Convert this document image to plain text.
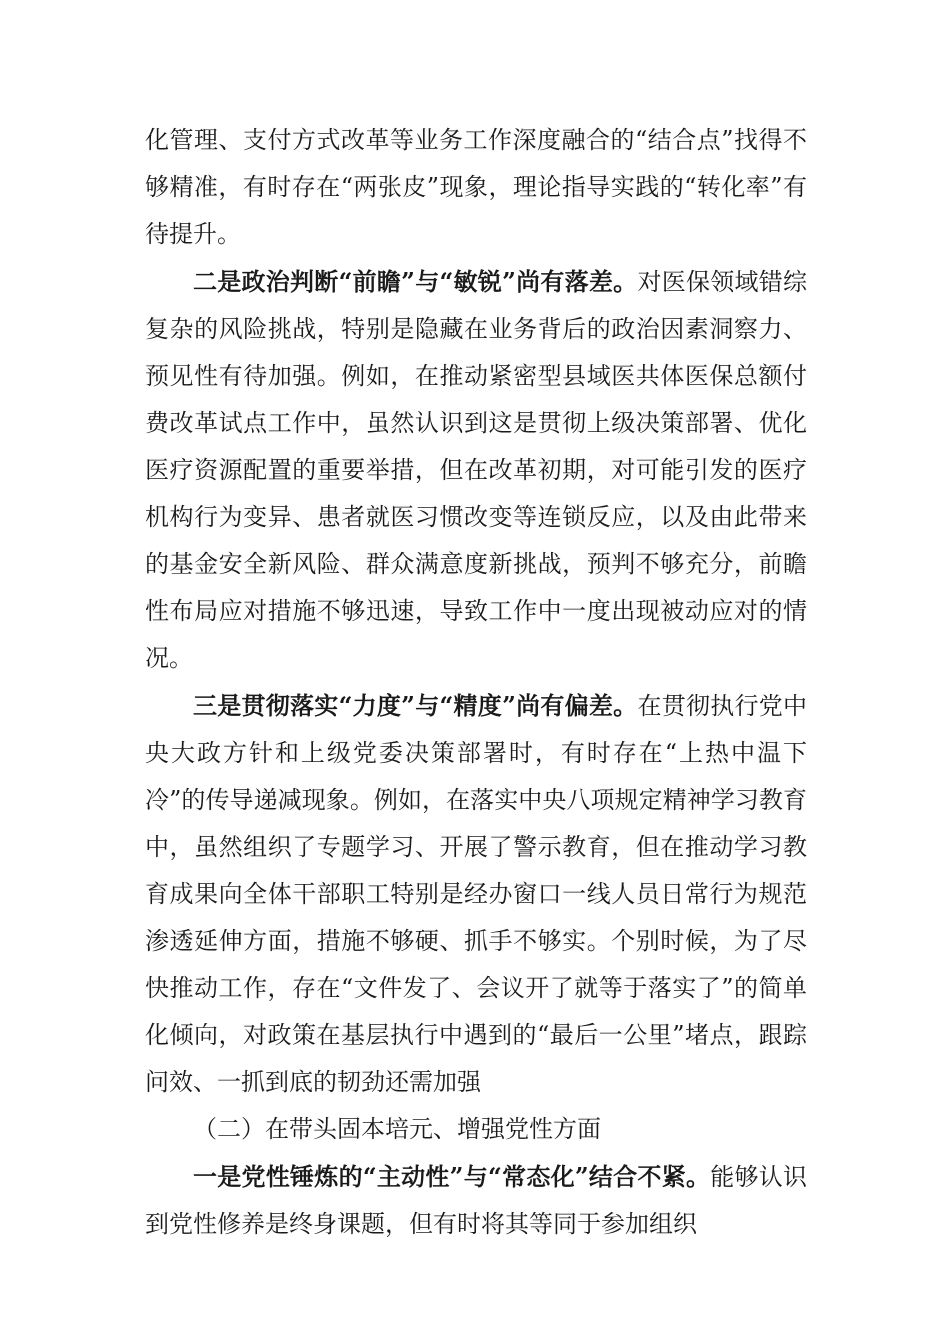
化管理、支付方式改革等业务工作深度融合的“结合点”找得不够精准，有时存在“两张皮”现象，理论指导实践的“转化率”有待提升。

二是政治判断“前瞻”与“敏锐”尚有落差。对医保领域错综复杂的风险挑战，特别是隐藏在业务背后的政治因素洞察力、预见性有待加强。例如，在推动紧密型县域医共体医保总额付费改革试点工作中，虽然认识到这是贯彻上级决策部署、优化医疗资源配置的重要举措，但在改革初期，对可能引发的医疗机构行为变异、患者就医习惯改变等连锁反应，以及由此带来的基金安全新风险、群众满意度新挑战，预判不够充分，前瞻性布局应对措施不够迅速，导致工作中一度出现被动应对的情况。

三是贯彻落实“力度”与“精度”尚有偏差。在贯彻执行党中央大政方针和上级党委决策部署时，有时存在“上热中温下冷”的传导递减现象。例如，在落实中央八项规定精神学习教育中，虽然组织了专题学习、开展了警示教育，但在推动学习教育成果向全体干部职工特别是经办窗口一线人员日常行为规范渗透延伸方面，措施不够硬、抓手不够实。个别时候，为了尽快推动工作，存在“文件发了、会议开了就等于落实了”的简单化倾向，对政策在基层执行中遇到的“最后一公里”堵点，跟踪问效、一抓到底的韧劲还需加强

（二）在带头固本培元、增强党性方面

一是党性锤炼的“主动性”与“常态化”结合不紧。能够认识到党性修养是终身课题，但有时将其等同于参加组织
